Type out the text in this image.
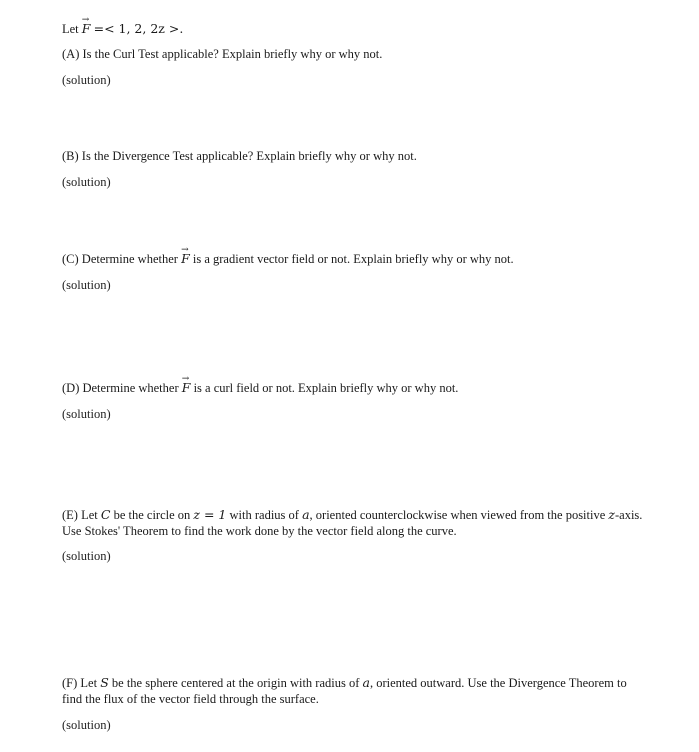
Let → F =< 1, 2, 2z >.
(A) Is the Curl Test applicable? Explain briefly why or why not.
(solution)
(B) Is the Divergence Test applicable? Explain briefly why or why not.
(solution)
(C) Determine whether → F is a gradient vector field or not. Explain briefly why or why not.
(solution)
(D) Determine whether → F is a curl field or not. Explain briefly why or why not.
(solution)
(E) Let C be the circle on z = 1 with radius of a, oriented counterclockwise when viewed from the positive z-axis.
Use Stokes' Theorem to find the work done by the vector field along the curve.
(solution)
(F) Let S be the sphere centered at the origin with radius of a, oriented outward. Use the Divergence Theorem to
find the flux of the vector field through the surface.
(solution)
